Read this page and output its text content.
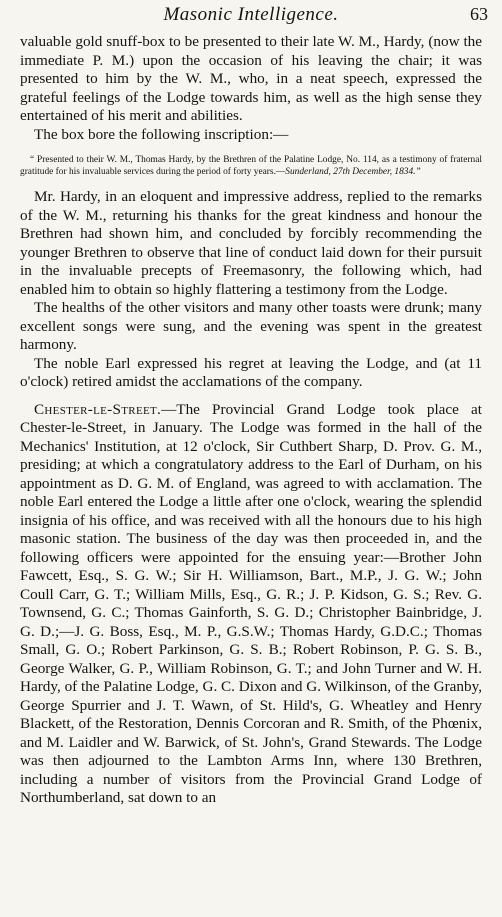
Masonic Intelligence.	63

valuable gold snuff-box to be presented to their late W. M., Hardy, (now the immediate P. M.) upon the occasion of his leaving the chair; it was presented to him by the W. M., who, in a neat speech, expressed the grateful feelings of the Lodge towards him, as well as the high sense they entertained of his merit and abilities.

The box bore the following inscription:—

“ Presented to their W. M., Thomas Hardy, by the Brethren of the Palatine Lodge, No. 114, as a testimony of fraternal gratitude for his invaluable services during the period of forty years.—Sunderland, 27th December, 1834.”

Mr. Hardy, in an eloquent and impressive address, replied to the remarks of the W. M., returning his thanks for the great kindness and honour the Brethren had shown him, and concluded by forcibly recommending the younger Brethren to observe that line of conduct laid down for their pursuit in the invaluable precepts of Freemasonry, the following which, had enabled him to obtain so highly flattering a testimony from the Lodge.

The healths of the other visitors and many other toasts were drunk; many excellent songs were sung, and the evening was spent in the greatest harmony.

The noble Earl expressed his regret at leaving the Lodge, and (at 11 o'clock) retired amidst the acclamations of the company.

Chester-le-Street.—The Provincial Grand Lodge took place at Chester-le-Street, in January. The Lodge was formed in the hall of the Mechanics' Institution, at 12 o'clock, Sir Cuthbert Sharp, D. Prov. G. M., presiding; at which a congratulatory address to the Earl of Durham, on his appointment as D. G. M. of England, was agreed to with acclamation. The noble Earl entered the Lodge a little after one o'clock, wearing the splendid insignia of his office, and was received with all the honours due to his high masonic station. The business of the day was then proceeded in, and the following officers were appointed for the ensuing year:—Brother John Fawcett, Esq., S. G. W.; Sir H. Williamson, Bart., M.P., J. G. W.; John Coull Carr, G. T.; William Mills, Esq., G. R.; J. P. Kidson, G. S.; Rev. G. Townsend, G. C.; Thomas Gainforth, S. G. D.; Christopher Bainbridge, J. G. D.;—J. G. Boss, Esq., M. P., G.S.W.; Thomas Hardy, G.D.C.; Thomas Small, G. O.; Robert Parkinson, G. S. B.; Robert Robinson, P. G. S. B., George Walker, G. P., William Robinson, G. T.; and John Turner and W. H. Hardy, of the Palatine Lodge, G. C. Dixon and G. Wilkinson, of the Granby, George Spurrier and J. T. Wawn, of St. Hild's, G. Wheatley and Henry Blackett, of the Restoration, Dennis Corcoran and R. Smith, of the Phœnix, and M. Laidler and W. Barwick, of St. John's, Grand Stewards. The Lodge was then adjourned to the Lambton Arms Inn, where 130 Brethren, including a number of visitors from the Provincial Grand Lodge of Northumberland, sat down to an
